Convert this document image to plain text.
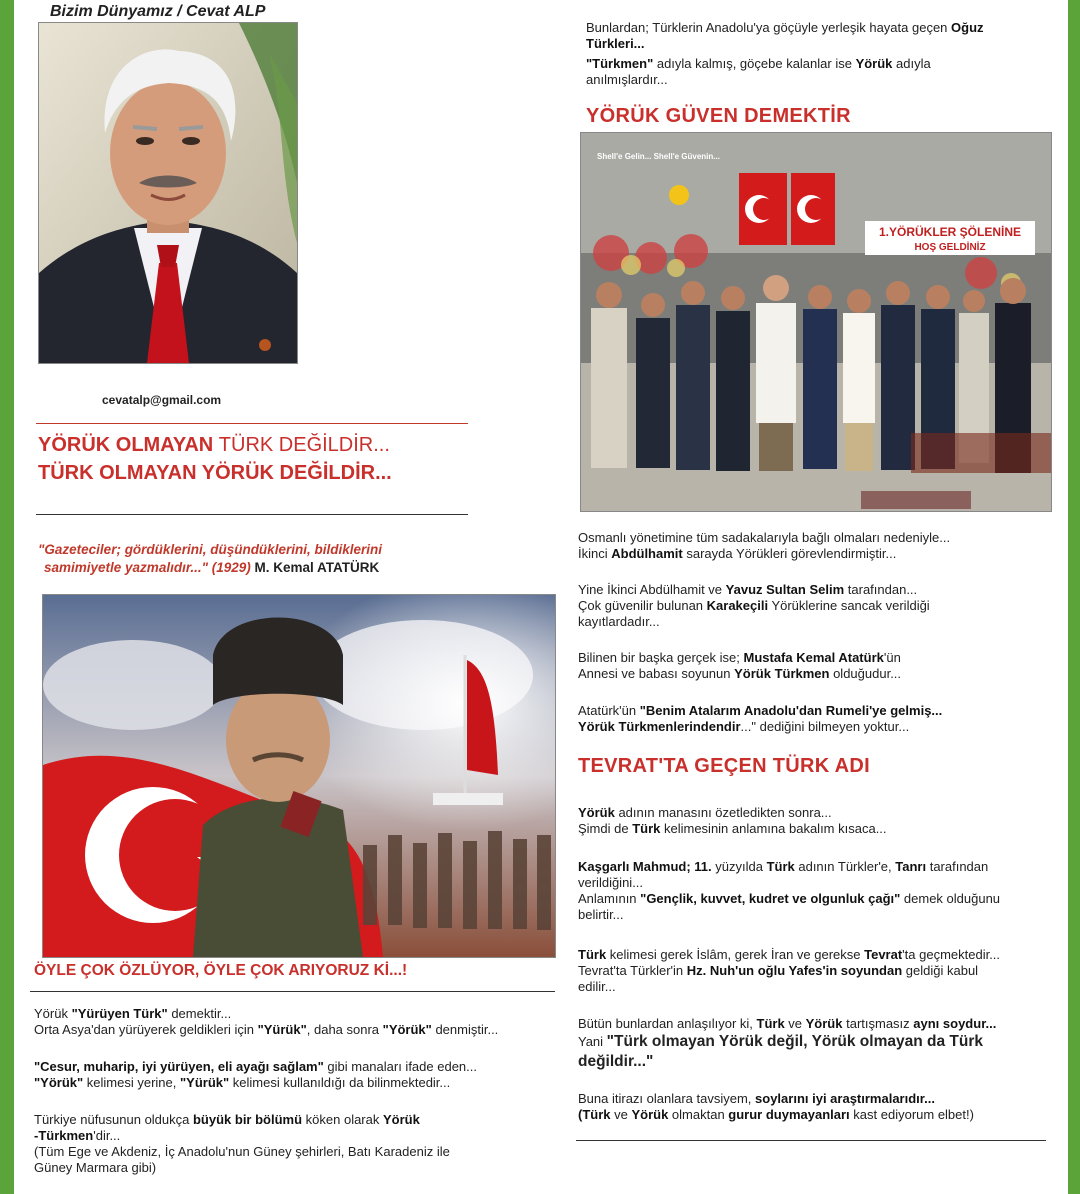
Bizim Dünyamız / Cevat ALP
cevatalp@gmail.com
YÖRÜK OLMAYAN TÜRK DEĞİLDİR...
TÜRK OLMAYAN YÖRÜK DEĞİLDİR...
"Gazeteciler; gördüklerini, düşündüklerini, bildiklerini
samimiyetle yazmalıdır..." (1929) M. Kemal ATATÜRK
ÖYLE ÇOK ÖZLÜYOR, ÖYLE ÇOK ARIYORUZ Kİ...!
Yörük "Yürüyen Türk" demektir...
Orta Asya'dan yürüyerek geldikleri için "Yürük", daha sonra "Yörük" denmiştir...
"Cesur, muharip, iyi yürüyen, eli ayağı sağlam" gibi manaları ifade eden...
"Yörük" kelimesi yerine, "Yürük" kelimesi kullanıldığı da bilinmektedir...
Türkiye nüfusunun oldukça büyük bir bölümü köken olarak Yörük
-Türkmen'dir...
(Tüm Ege ve Akdeniz, İç Anadolu'nun Güney şehirleri, Batı Karadeniz ile
Güney Marmara gibi)
Bunlardan; Türklerin Anadolu'ya göçüyle yerleşik hayata geçen Oğuz
Türkleri...
"Türkmen" adıyla kalmış, göçebe kalanlar ise Yörük adıyla
anılmışlardır...
YÖRÜK GÜVEN DEMEKTİR
1.YÖRÜKLER ŞÖLENİNE
HOŞ GELDİNİZ
Shell'e Gelin... Shell'e Güvenin...
Osmanlı yönetimine tüm sadakalarıyla bağlı olmaları nedeniyle...
İkinci Abdülhamit sarayda Yörükleri görevlendirmiştir...
Yine İkinci Abdülhamit ve Yavuz Sultan Selim tarafından...
Çok güvenilir bulunan Karakeçili Yörüklerine sancak verildiği
kayıtlardadır...
Bilinen bir başka gerçek ise; Mustafa Kemal Atatürk'ün
Annesi ve babası soyunun Yörük Türkmen olduğudur...
Atatürk'ün "Benim Atalarım Anadolu'dan Rumeli'ye gelmiş...
Yörük Türkmenlerindendir..." dediğini bilmeyen yoktur...
TEVRAT'TA GEÇEN TÜRK ADI
Yörük adının manasını özetledikten sonra...
Şimdi de Türk kelimesinin anlamına bakalım kısaca...
Kaşgarlı Mahmud; 11. yüzyılda Türk adının Türkler'e, Tanrı tarafından
verildiğini...
Anlamının "Gençlik, kuvvet, kudret ve olgunluk çağı" demek olduğunu
belirtir...
Türk kelimesi gerek İslâm, gerek İran ve gerekse Tevrat'ta geçmektedir...
Tevrat'ta Türkler'in Hz. Nuh'un oğlu Yafes'in soyundan geldiği kabul
edilir...
Bütün bunlardan anlaşılıyor ki, Türk ve Yörük tartışmasız aynı soydur...
Yani "Türk olmayan Yörük değil, Yörük olmayan da Türk
değildir..."
Buna itirazı olanlara tavsiyem, soylarını iyi araştırmalarıdır...
(Türk ve Yörük olmaktan gurur duymayanları kast ediyorum elbet!)
